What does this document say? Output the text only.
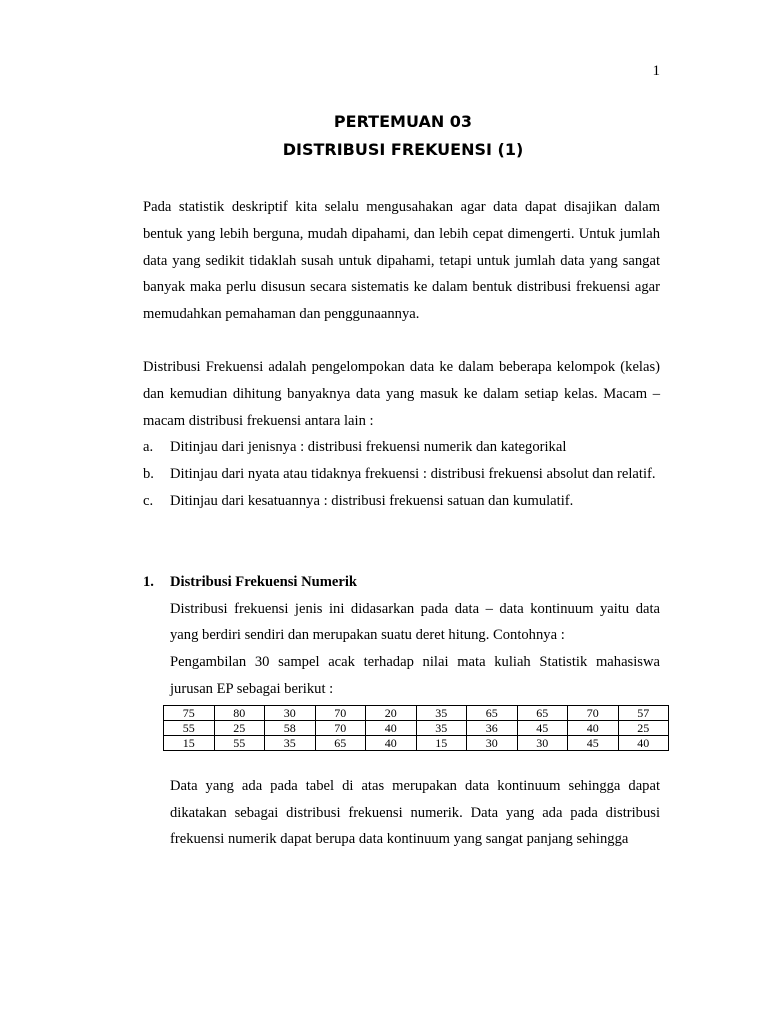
1
PERTEMUAN 03
DISTRIBUSI FREKUENSI (1)

Pada statistik deskriptif kita selalu mengusahakan agar data dapat disajikan dalam bentuk yang lebih berguna, mudah dipahami, dan lebih cepat dimengerti. Untuk jumlah data yang sedikit tidaklah susah untuk dipahami, tetapi untuk jumlah data yang sangat banyak maka perlu disusun secara sistematis ke dalam bentuk distribusi frekuensi agar memudahkan pemahaman dan penggunaannya.

Distribusi Frekuensi adalah pengelompokan data ke dalam beberapa kelompok (kelas) dan kemudian dihitung banyaknya data yang masuk ke dalam setiap kelas. Macam – macam distribusi frekuensi antara lain :

a.	Ditinjau dari jenisnya : distribusi frekuensi numerik dan kategorikal
b.	Ditinjau dari nyata atau tidaknya frekuensi : distribusi frekuensi absolut dan relatif.
c.	Ditinjau dari kesatuannya : distribusi frekuensi satuan dan kumulatif.
1.	Distribusi Frekuensi Numerik
Distribusi frekuensi jenis ini didasarkan pada data – data kontinuum yaitu data yang berdiri sendiri dan merupakan suatu deret hitung. Contohnya :
Pengambilan 30 sampel acak terhadap nilai mata kuliah Statistik mahasiswa jurusan EP sebagai berikut :
75	80	30	70	20	35	65	65	70	57
55	25	58	70	40	35	36	45	40	25
15	55	35	65	40	15	30	30	45	40
Data yang ada pada tabel di atas merupakan data kontinuum sehingga dapat dikatakan sebagai distribusi frekuensi numerik. Data yang ada pada distribusi frekuensi numerik dapat berupa data kontinuum yang sangat panjang sehingga
